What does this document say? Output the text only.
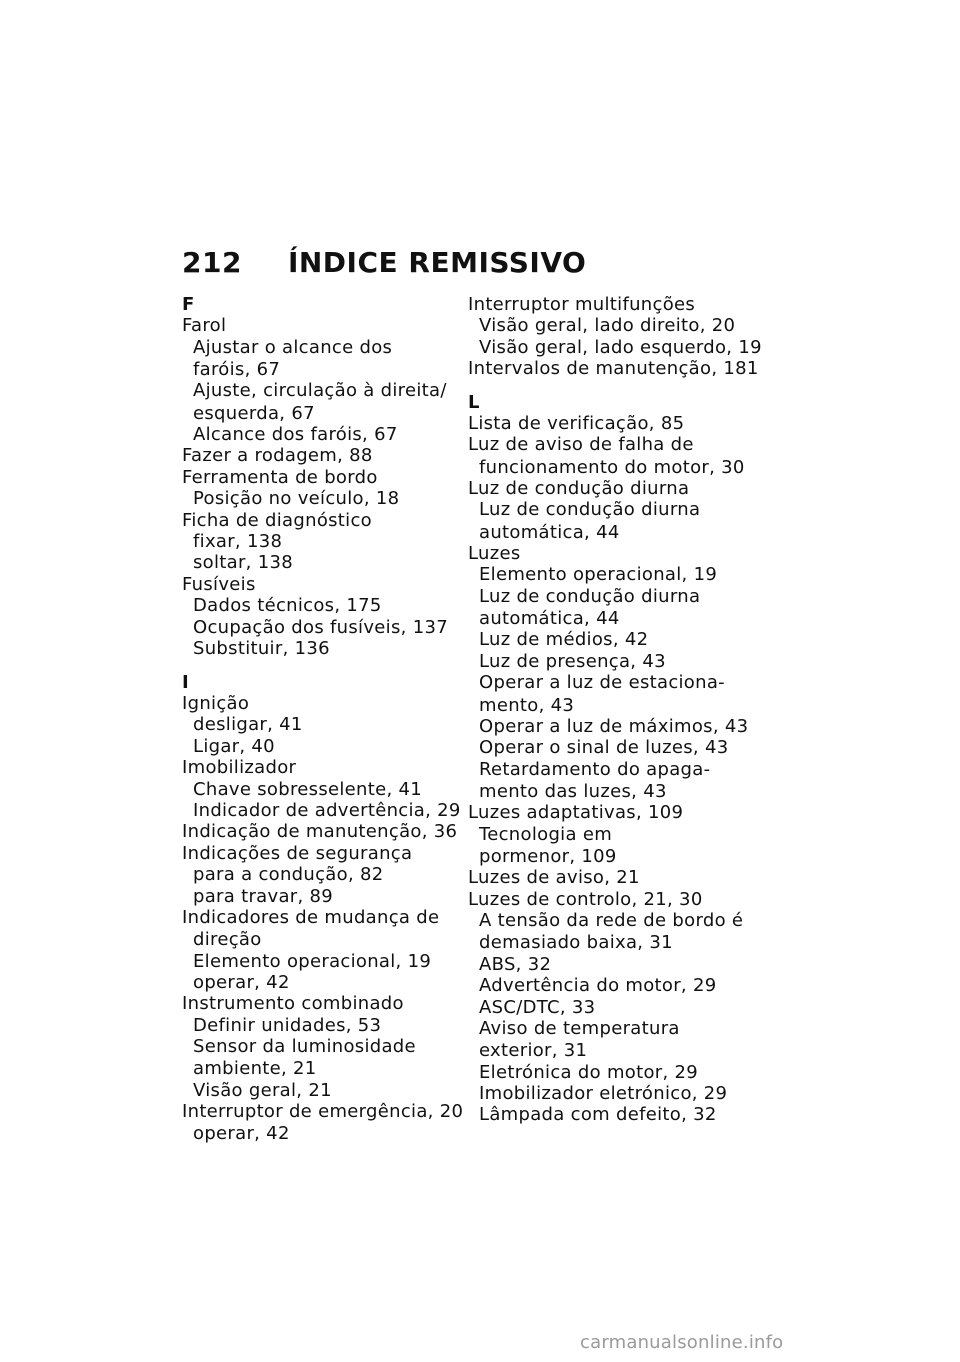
212 ÍNDICE REMISSIVO
F
Farol
Ajustar o alcance dos
faróis, 67
Ajuste, circulação à direita/
esquerda, 67
Alcance dos faróis, 67
Fazer a rodagem, 88
Ferramenta de bordo
Posição no veículo, 18
Ficha de diagnóstico
fixar, 138
soltar, 138
Fusíveis
Dados técnicos, 175
Ocupação dos fusíveis, 137
Substituir, 136
I
Ignição
desligar, 41
Ligar, 40
Imobilizador
Chave sobresselente, 41
Indicador de advertência, 29
Indicação de manutenção, 36
Indicações de segurança
para a condução, 82
para travar, 89
Indicadores de mudança de
direção
Elemento operacional, 19
operar, 42
Instrumento combinado
Definir unidades, 53
Sensor da luminosidade
ambiente, 21
Visão geral, 21
Interruptor de emergência, 20
operar, 42
Interruptor multifunções
Visão geral, lado direito, 20
Visão geral, lado esquerdo, 19
Intervalos de manutenção, 181
L
Lista de verificação, 85
Luz de aviso de falha de
funcionamento do motor, 30
Luz de condução diurna
Luz de condução diurna
automática, 44
Luzes
Elemento operacional, 19
Luz de condução diurna
automática, 44
Luz de médios, 42
Luz de presença, 43
Operar a luz de estaciona-
mento, 43
Operar a luz de máximos, 43
Operar o sinal de luzes, 43
Retardamento do apaga-
mento das luzes, 43
Luzes adaptativas, 109
Tecnologia em
pormenor, 109
Luzes de aviso, 21
Luzes de controlo, 21, 30
A tensão da rede de bordo é
demasiado baixa, 31
ABS, 32
Advertência do motor, 29
ASC/DTC, 33
Aviso de temperatura
exterior, 31
Eletrónica do motor, 29
Imobilizador eletrónico, 29
Lâmpada com defeito, 32
carmanualsonline.info
